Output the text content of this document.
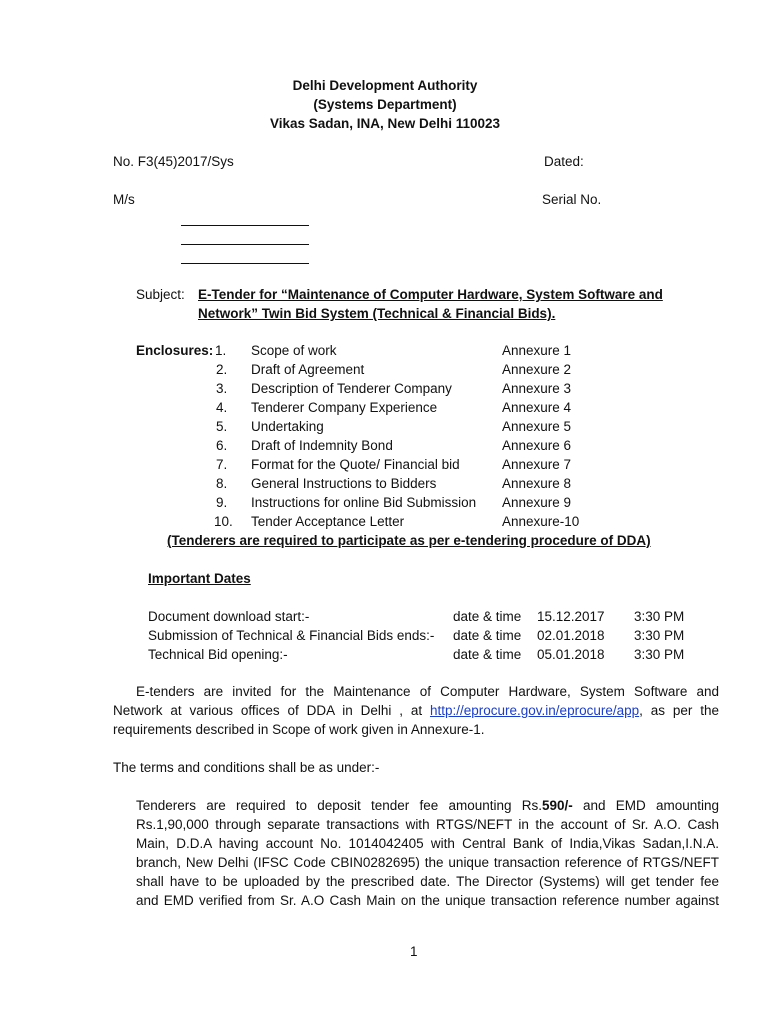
Delhi Development Authority
(Systems Department)
Vikas Sadan, INA, New Delhi 110023
No. F3(45)2017/Sys	Dated:
M/s	Serial No.
Subject: E-Tender for “Maintenance of Computer Hardware, System Software and
Network” Twin Bid System (Technical & Financial Bids).
Enclosures: 1. Scope of work	Annexure 1
2. Draft of Agreement	Annexure 2
3. Description of Tenderer Company	Annexure 3
4. Tenderer Company Experience	Annexure 4
5. Undertaking	Annexure 5
6. Draft of Indemnity Bond	Annexure 6
7. Format for the Quote/ Financial bid	Annexure 7
8. General Instructions to Bidders	Annexure 8
9. Instructions for online Bid Submission Annexure 9
10. Tender Acceptance Letter	Annexure-10
(Tenderers are required to participate as per e-tendering procedure of DDA)
Important Dates
Document download start:-	date & time 15.12.2017 3:30 PM
Submission of Technical & Financial Bids ends:- date & time 02.01.2018 3:30 PM
Technical Bid opening:-	date & time 05.01.2018 3:30 PM
E-tenders are invited for the Maintenance of Computer Hardware, System Software and
Network at various offices of DDA in Delhi , at http://eprocure.gov.in/eprocure/app, as per the
requirements described in Scope of work given in Annexure-1.
The terms and conditions shall be as under:-
Tenderers are required to deposit tender fee amounting Rs.590/- and EMD amounting
Rs.1,90,000 through separate transactions with RTGS/NEFT in the account of Sr. A.O. Cash
Main, D.D.A having account No. 1014042405 with Central Bank of India,Vikas Sadan,I.N.A.
branch, New Delhi (IFSC Code CBIN0282695) the unique transaction reference of RTGS/NEFT
shall have to be uploaded by the prescribed date. The Director (Systems) will get tender fee
and EMD verified from Sr. A.O Cash Main on the unique transaction reference number against
1
